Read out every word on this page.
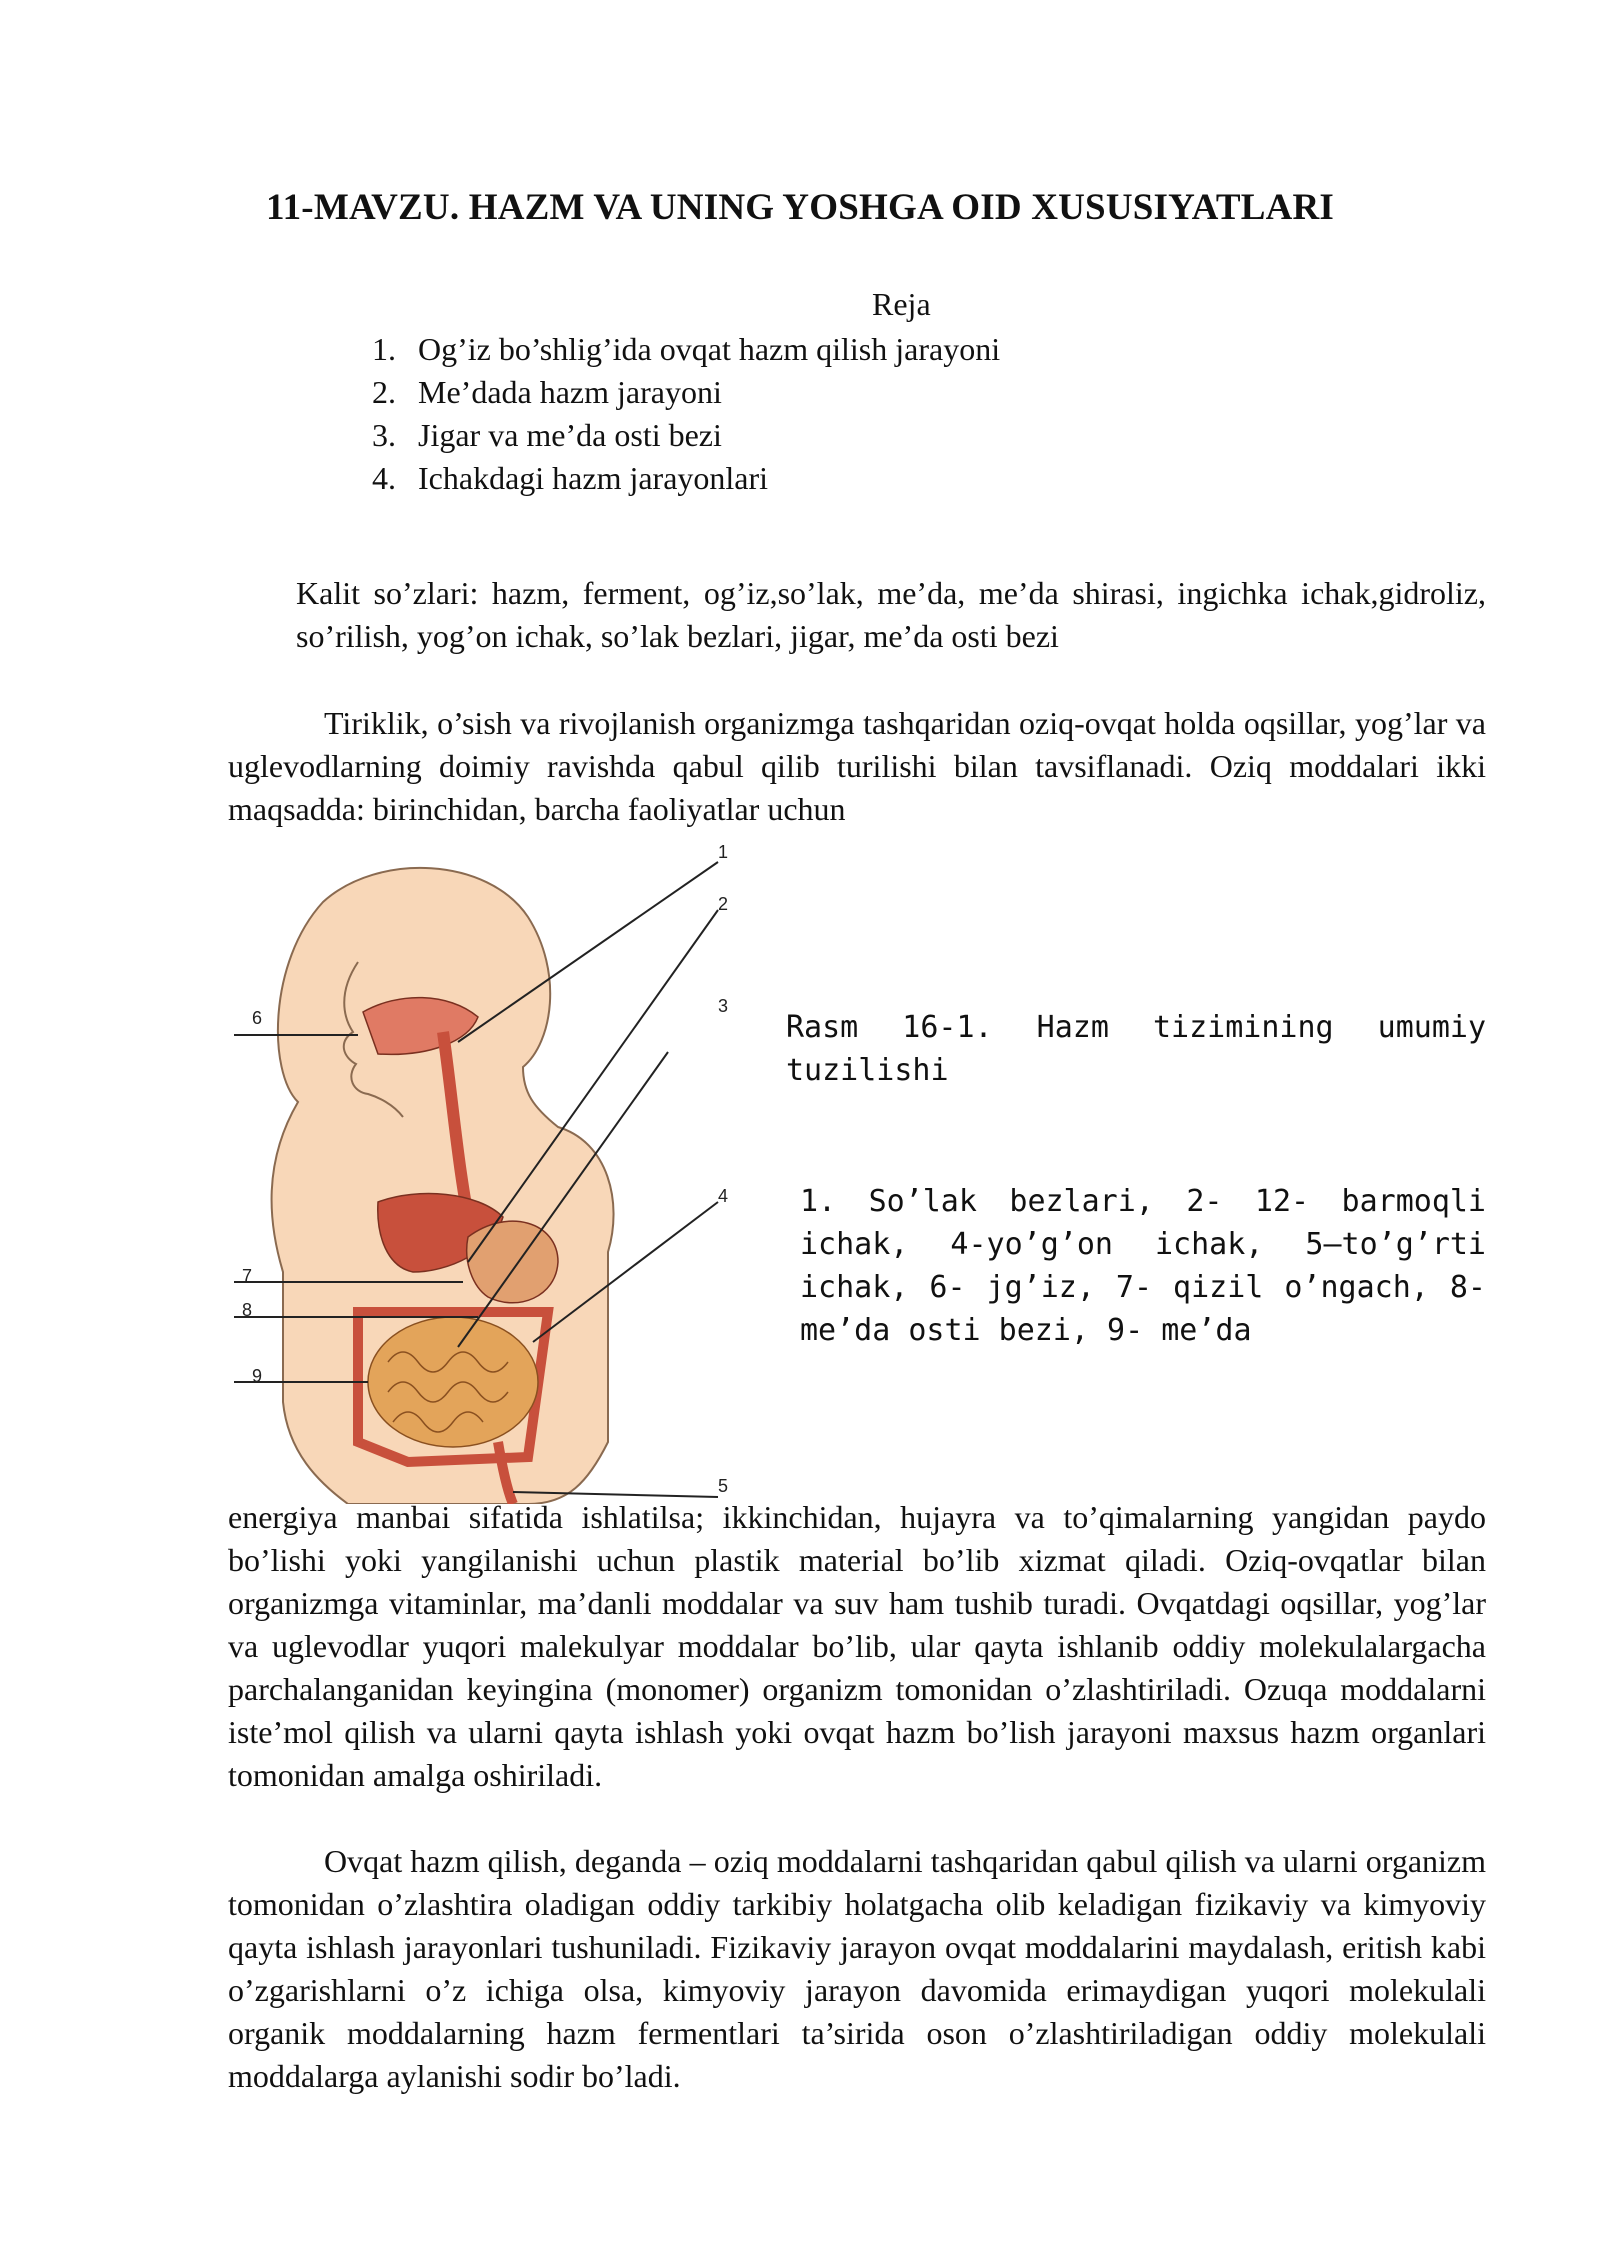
11-MAVZU. HAZM VA UNING YOSHGA OID XUSUSIYATLARI

Reja

1. Og’iz bo’shlig’ida ovqat hazm qilish jarayoni
2. Me’dada hazm jarayoni
3. Jigar va me’da osti bezi
4. Ichakdagi hazm jarayonlari

Kalit so’zlari: hazm, ferment, og’iz,so’lak, me’da, me’da shirasi, ingichka ichak,gidroliz, so’rilish, yog’on ichak, so’lak bezlari, jigar, me’da osti bezi

Tiriklik, o’sish va rivojlanish organizmga tashqaridan oziq-ovqat holda oqsillar, yog’lar va uglevodlarning doimiy ravishda qabul qilib turilishi bilan tavsiflanadi. Oziq moddalari ikki maqsadda: birinchidan, barcha faoliyatlar uchun

1
2
3
4
5
6
7
8
9

Rasm 16-1. Hazm tizimining umumiy tuzilishi

1. So’lak bezlari, 2- 12- barmoqli ichak, 4-yo’g’on ichak, 5—to’g’rti ichak, 6- jg’iz, 7- qizil o’ngach, 8- me’da osti bezi, 9- me’da

energiya manbai sifatida ishlatilsa; ikkinchidan, hujayra va to’qimalarning yangidan paydo bo’lishi yoki yangilanishi uchun plastik material bo’lib xizmat qiladi. Oziq-ovqatlar bilan organizmga vitaminlar, ma’danli moddalar va suv ham tushib turadi. Ovqatdagi oqsillar, yog’lar va uglevodlar yuqori malekulyar moddalar bo’lib, ular qayta ishlanib oddiy molekulalargacha parchalanganidan keyingina (monomer) organizm tomonidan o’zlashtiriladi. Ozuqa moddalarni iste’mol qilish va ularni qayta ishlash yoki ovqat hazm bo’lish jarayoni maxsus hazm organlari tomonidan amalga oshiriladi.

Ovqat hazm qilish, deganda – oziq moddalarni tashqaridan qabul qilish va ularni organizm tomonidan o’zlashtira oladigan oddiy tarkibiy holatgacha olib keladigan fizikaviy va kimyoviy qayta ishlash jarayonlari tushuniladi. Fizikaviy jarayon ovqat moddalarini maydalash, eritish kabi o’zgarishlarni o’z ichiga olsa, kimyoviy jarayon davomida erimaydigan yuqori molekulali organik moddalarning hazm fermentlari ta’sirida oson o’zlashtiriladigan oddiy molekulali moddalarga aylanishi sodir bo’ladi.
